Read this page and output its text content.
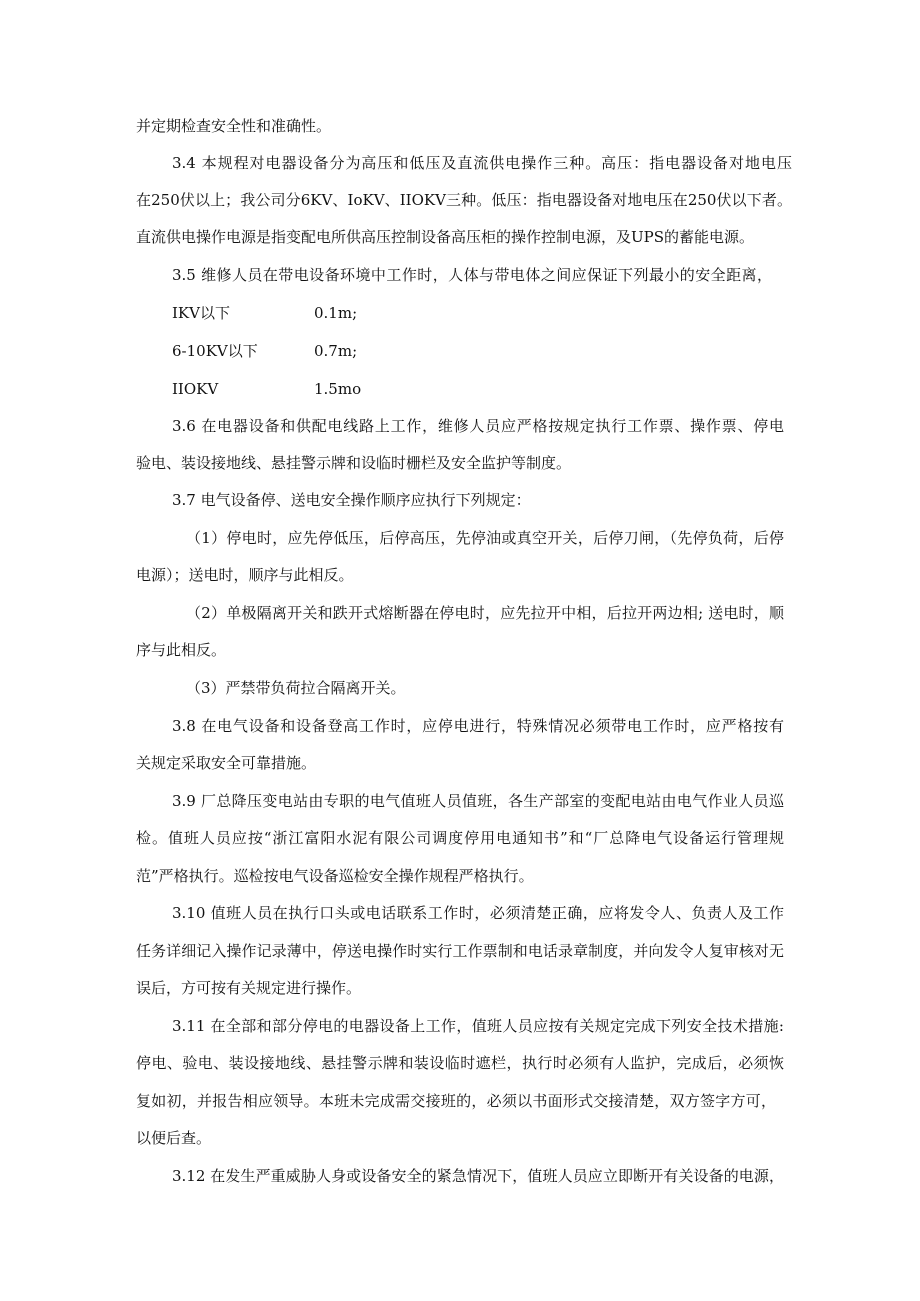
并定期检查安全性和准确性。
3.4 本规程对电器设备分为高压和低压及直流供电操作三种。高压：指电器设备对地电压
在250伏以上；我公司分6KV、IoKV、IIOKV三种。低压：指电器设备对地电压在250伏以下者。
直流供电操作电源是指变配电所供高压控制设备高压柜的操作控制电源，及UPS的蓄能电源。
3.5 维修人员在带电设备环境中工作时，人体与带电体之间应保证下列最小的安全距离，
IKV以下	0.1m;
6-10KV以下	0.7m;
IIOKV	1.5mo
3.6 在电器设备和供配电线路上工作，维修人员应严格按规定执行工作票、操作票、停电
验电、装设接地线、悬挂警示牌和设临时栅栏及安全监护等制度。
3.7 电气设备停、送电安全操作顺序应执行下列规定：
（1）停电时，应先停低压，后停高压，先停油或真空开关，后停刀闸，（先停负荷，后停
电源）；送电时，顺序与此相反。
（2）单极隔离开关和跌开式熔断器在停电时，应先拉开中相，后拉开两边相; 送电时，顺
序与此相反。
（3）严禁带负荷拉合隔离开关。
3.8 在电气设备和设备登高工作时，应停电进行，特殊情况必须带电工作时，应严格按有
关规定采取安全可靠措施。
3.9 厂总降压变电站由专职的电气值班人员值班，各生产部室的变配电站由电气作业人员巡
检。值班人员应按“浙江富阳水泥有限公司调度停用电通知书”和“厂总降电气设备运行管理规
范”严格执行。巡检按电气设备巡检安全操作规程严格执行。
3.10 值班人员在执行口头或电话联系工作时，必须清楚正确，应将发令人、负责人及工作
任务详细记入操作记录薄中，停送电操作时实行工作票制和电话录章制度，并向发令人复审核对无
误后，方可按有关规定进行操作。
3.11 在全部和部分停电的电器设备上工作，值班人员应按有关规定完成下列安全技术措施:
停电、验电、装设接地线、悬挂警示牌和装设临时遮栏，执行时必须有人监护，完成后，必须恢
复如初，并报告相应领导。本班未完成需交接班的，必须以书面形式交接清楚，双方签字方可，
以便后查。
3.12 在发生严重威胁人身或设备安全的紧急情况下，值班人员应立即断开有关设备的电源，
